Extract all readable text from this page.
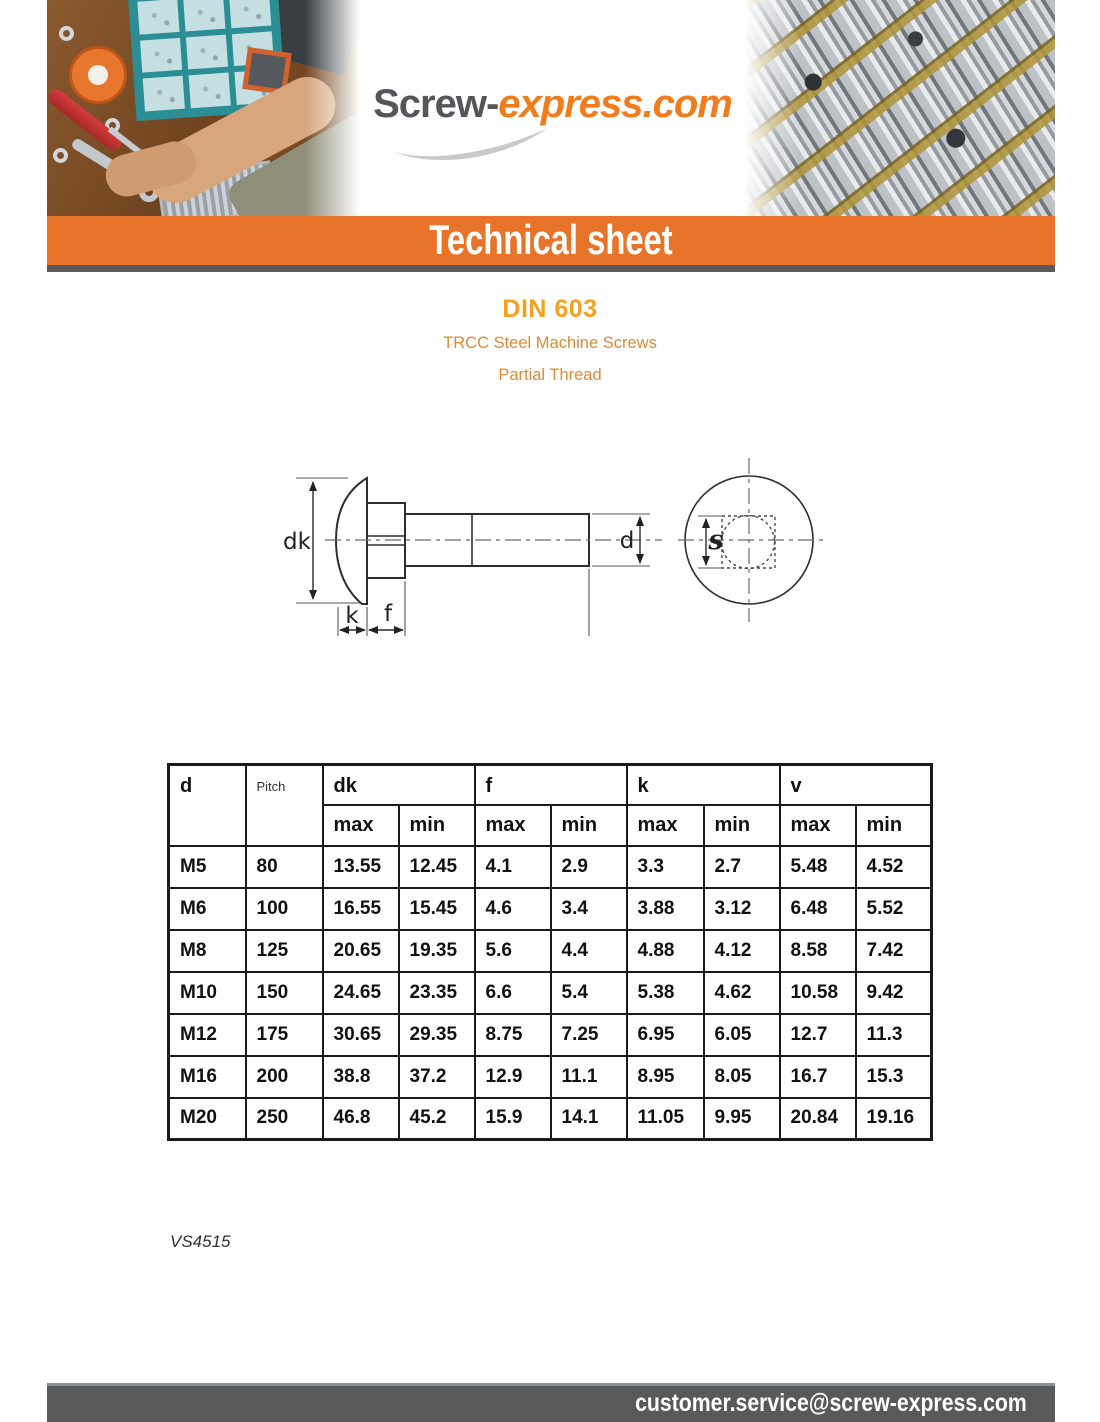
Screw-express.com
Technical sheet
DIN 603
TRCC Steel Machine Screws
Partial Thread
dk
k f
d	s
d	Pitch	dk		f		k		v	
		max	min	max	min	max	min	max	min
M5	80	13.55	12.45	4.1	2.9	3.3	2.7	5.48	4.52
M6	100	16.55	15.45	4.6	3.4	3.88	3.12	6.48	5.52
M8	125	20.65	19.35	5.6	4.4	4.88	4.12	8.58	7.42
M10	150	24.65	23.35	6.6	5.4	5.38	4.62	10.58	9.42
M12	175	30.65	29.35	8.75	7.25	6.95	6.05	12.7	11.3
M16	200	38.8	37.2	12.9	11.1	8.95	8.05	16.7	15.3
M20	250	46.8	45.2	15.9	14.1	11.05	9.95	20.84	19.16
VS4515
customer.service@screw-express.com
